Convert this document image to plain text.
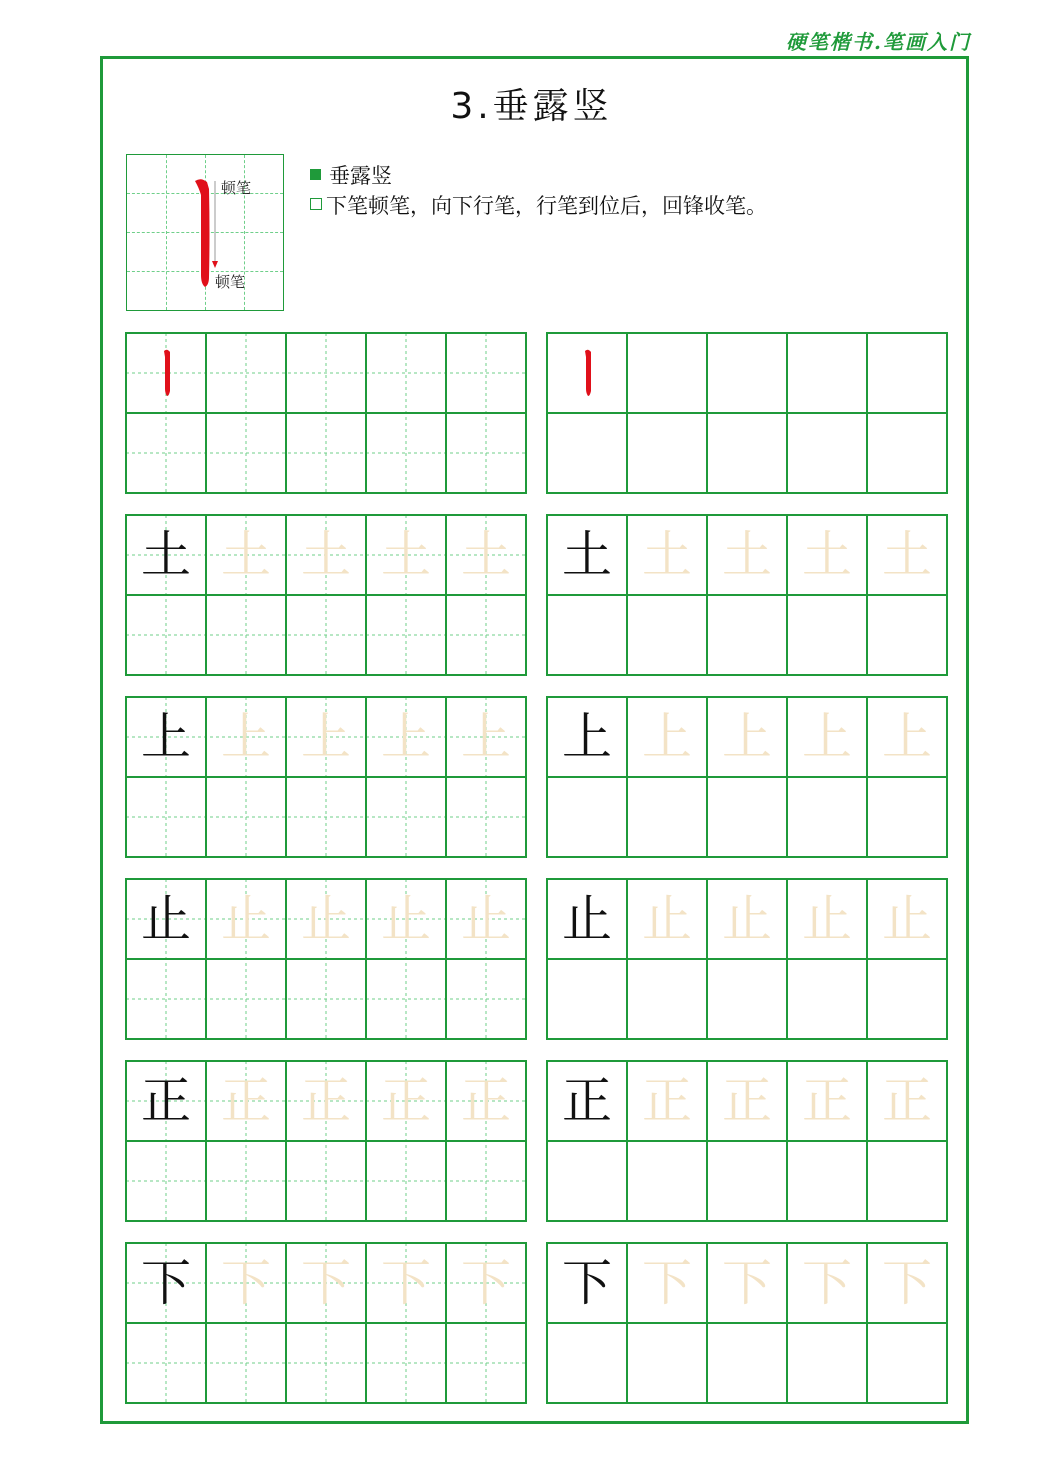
硬笔楷书.笔画入门
3.垂露竖
顿笔
顿笔
垂露竖
下笔顿笔，向下行笔，行笔到位后，回锋收笔。
土 土 土 土 土	土 土 土 土 土
上 上 上 上 上	上 上 上 上 上
止 止 止 止 止	止 止 止 止 止
正 正 正 正 正	正 正 正 正 正
下 下 下 下 下	下 下 下 下 下
